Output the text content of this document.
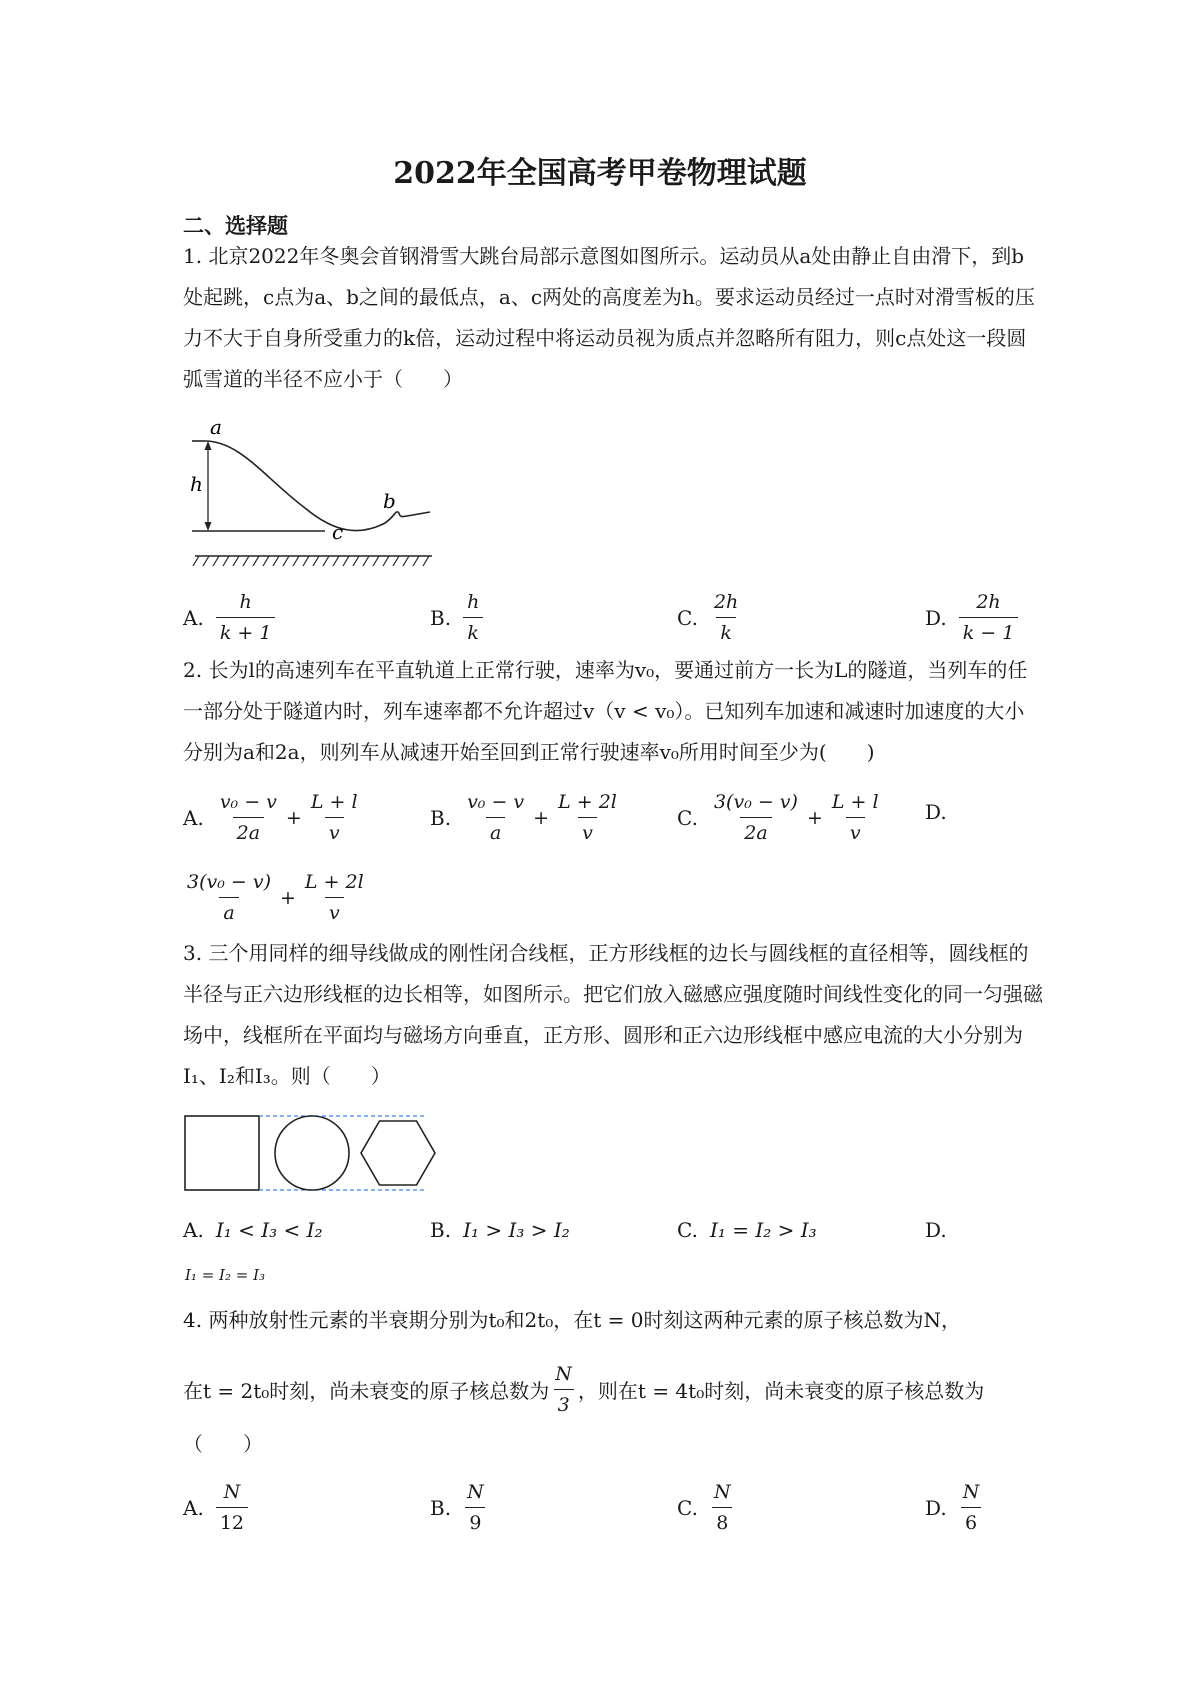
2022年全国高考甲卷物理试题
二、选择题
1. 北京2022年冬奥会首钢滑雪大跳台局部示意图如图所示。运动员从a处由静止自由滑下，到b处起跳，c点为a、b之间的最低点，a、c两处的高度差为h。要求运动员经过一点时对滑雪板的压力不大于自身所受重力的k倍，运动过程中将运动员视为质点并忽略所有阻力，则c点处这一段圆弧雪道的半径不应小于（　　）
a
h
c
b
A. $\frac{h}{k + 1}$	B. $\frac{h}{k}$	C. $\frac{2h}{k}$	D. $\frac{2h}{k - 1}$
2. 长为l的高速列车在平直轨道上正常行驶，速率为v₀，要通过前方一长为L的隧道，当列车的任一部分处于隧道内时，列车速率都不允许超过v（v < v₀）。已知列车加速和减速时加速度的大小分别为a和2a，则列车从减速开始至回到正常行驶速率v₀所用时间至少为(　　)
A. $\frac{\text{v₀ − v}}{2a} + \frac{L + l}{v}$	B. $\frac{\text{v₀ − v}}{a} + \frac{L + 2l}{v}$	C. $\frac{\text{3(v₀ − v)}}{2a} + \frac{L + l}{v} D$.
$\frac{\text{3(v₀ − v)}}{a} + \frac{L + 2l}{v}$
3. 三个用同样的细导线做成的刚性闭合线框，正方形线框的边长与圆线框的直径相等，圆线框的半径与正六边形线框的边长相等，如图所示。把它们放入磁感应强度随时间线性变化的同一匀强磁场中，线框所在平面均与磁场方向垂直，正方形、圆形和正六边形线框中感应电流的大小分别为I₁、I₂和I₃。则（　　）
A. I₁ < I₃ < I₂	B. I₁ > I₃ > I₂	C. I₁ = I₂ > I₃	D.
I₁ = I₂ = I₃
4. 两种放射性元素的半衰期分别为t₀和2t₀，在t = 0时刻这两种元素的原子核总数为N，
在t = 2t₀时刻，尚未衰变的原子核总数为 $\frac{N}{3}$ ，则在t = 4t₀时刻，尚未衰变的原子核总数为
（　　）
A. $\frac{N}{12}$	B. $\frac{N}{9}$	C. $\frac{N}{8}$	D. $\frac{N}{6}$
